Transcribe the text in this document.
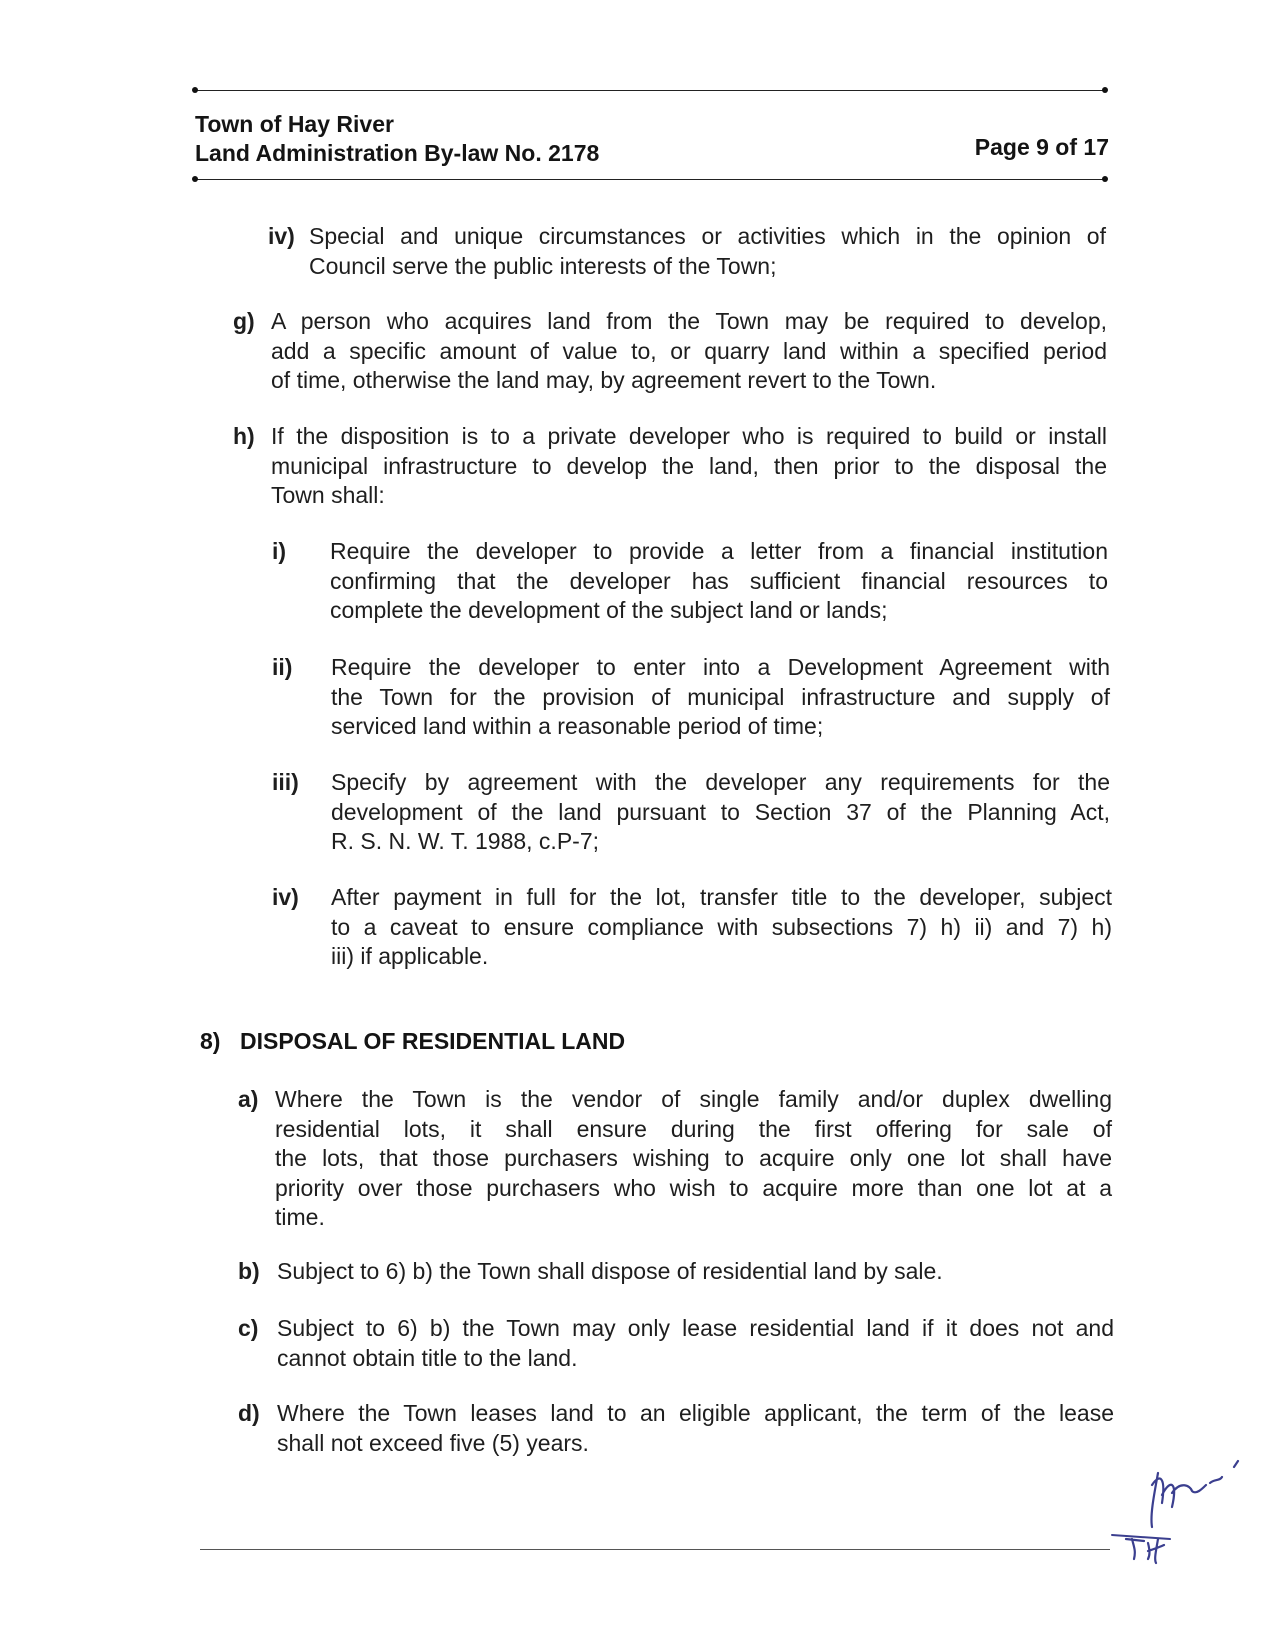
Town of Hay River
Land Administration By-law No. 2178	Page 9 of 17
iv) Special and unique circumstances or activities which in the opinion of
Council serve the public interests of the Town;
g) A person who acquires land from the Town may be required to develop,
add a specific amount of value to, or quarry land within a specified period
of time, otherwise the land may, by agreement revert to the Town.
h) If the disposition is to a private developer who is required to build or install
municipal infrastructure to develop the land, then prior to the disposal the
Town shall:
i) Require the developer to provide a letter from a financial institution
confirming that the developer has sufficient financial resources to
complete the development of the subject land or lands;
ii) Require the developer to enter into a Development Agreement with
the Town for the provision of municipal infrastructure and supply of
serviced land within a reasonable period of time;
iii) Specify by agreement with the developer any requirements for the
development of the land pursuant to Section 37 of the Planning Act,
R. S. N. W. T. 1988, c.P-7;
iv) After payment in full for the lot, transfer title to the developer, subject
to a caveat to ensure compliance with subsections 7) h) ii) and 7) h)
iii) if applicable.
8) DISPOSAL OF RESIDENTIAL LAND
a) Where the Town is the vendor of single family and/or duplex dwelling
residential lots, it shall ensure during the first offering for sale of
the lots, that those purchasers wishing to acquire only one lot shall have
priority over those purchasers who wish to acquire more than one lot at a
time.
b) Subject to 6) b) the Town shall dispose of residential land by sale.
c) Subject to 6) b) the Town may only lease residential land if it does not and
cannot obtain title to the land.
d) Where the Town leases land to an eligible applicant, the term of the lease
shall not exceed five (5) years.
